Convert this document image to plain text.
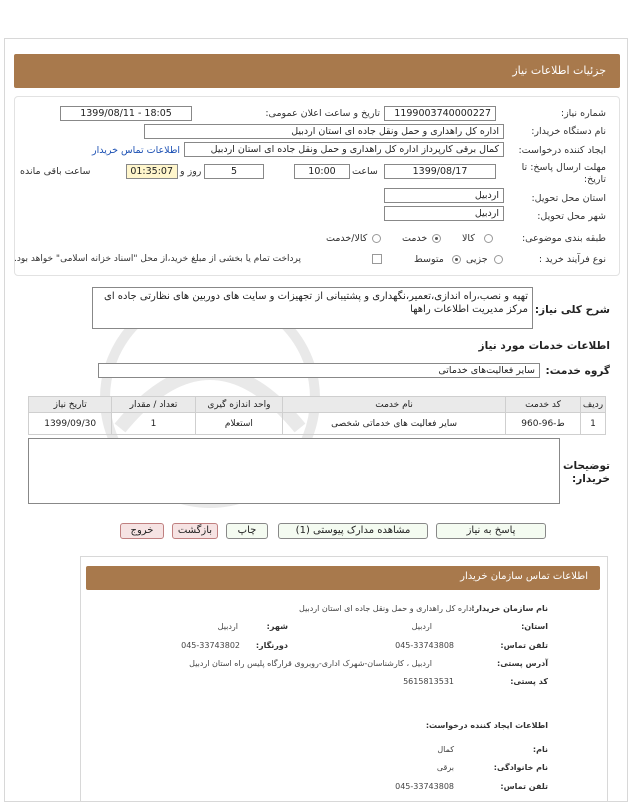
جزئیات اطلاعات نیاز
شماره نیاز:
1199003740000227
تاریخ و ساعت اعلان عمومی:
1399/08/11 - 18:05
نام دستگاه خریدار:
اداره کل راهداری و حمل ونقل جاده ای استان اردبیل
ایجاد کننده درخواست:
کمال برقی کارپرداز اداره کل راهداری و حمل ونقل جاده ای استان اردبیل
اطلاعات تماس خریدار
مهلت ارسال پاسخ: تا تاریخ:
1399/08/17
ساعت
10:00
5
روز و
01:35:07
ساعت باقی مانده
استان محل تحویل:
اردبیل
شهر محل تحویل:
اردبیل
طبقه بندی موضوعی:
کالا
خدمت
کالا/خدمت
نوع فرآیند خرید :
جزیی
متوسط
پرداخت تمام یا بخشی از مبلغ خرید،از محل "اسناد خزانه اسلامی" خواهد بود.
شرح کلی نیاز:
تهیه و نصب،راه اندازی،تعمیر،نگهداری و پشتیبانی از تجهیزات و سایت های دوربین های نظارتی جاده ای مرکز مدیریت اطلاعات راهها
اطلاعات خدمات مورد نیاز
گروه خدمت:
سایر فعالیت‌های خدماتی
ردیف	کد خدمت	نام خدمت	واحد اندازه گیری	تعداد / مقدار	تاریخ نیاز
1	ط-96-960	سایر فعالیت های خدماتی شخصی	استعلام	1	1399/09/30
توضیحات خریدار:
پاسخ به نیاز
مشاهده مدارک پیوستی (1)
چاپ
بازگشت
خروج
اطلاعات تماس سازمان خریدار
نام سازمان خریدار:
اداره کل راهداری و حمل ونقل جاده ای استان اردبیل
استان:
اردبیل
شهر:
اردبیل
تلفن تماس:
045-33743808
دورنگار:
045-33743802
آدرس پستی:
اردبیل ، کارشناسان-شهرک اداری-روبروی قرارگاه پلیس راه استان اردبیل
کد پستی:
5615813531
اطلاعات ایجاد کننده درخواست:
نام:
کمال
نام خانوادگی:
برقی
تلفن تماس:
045-33743808
